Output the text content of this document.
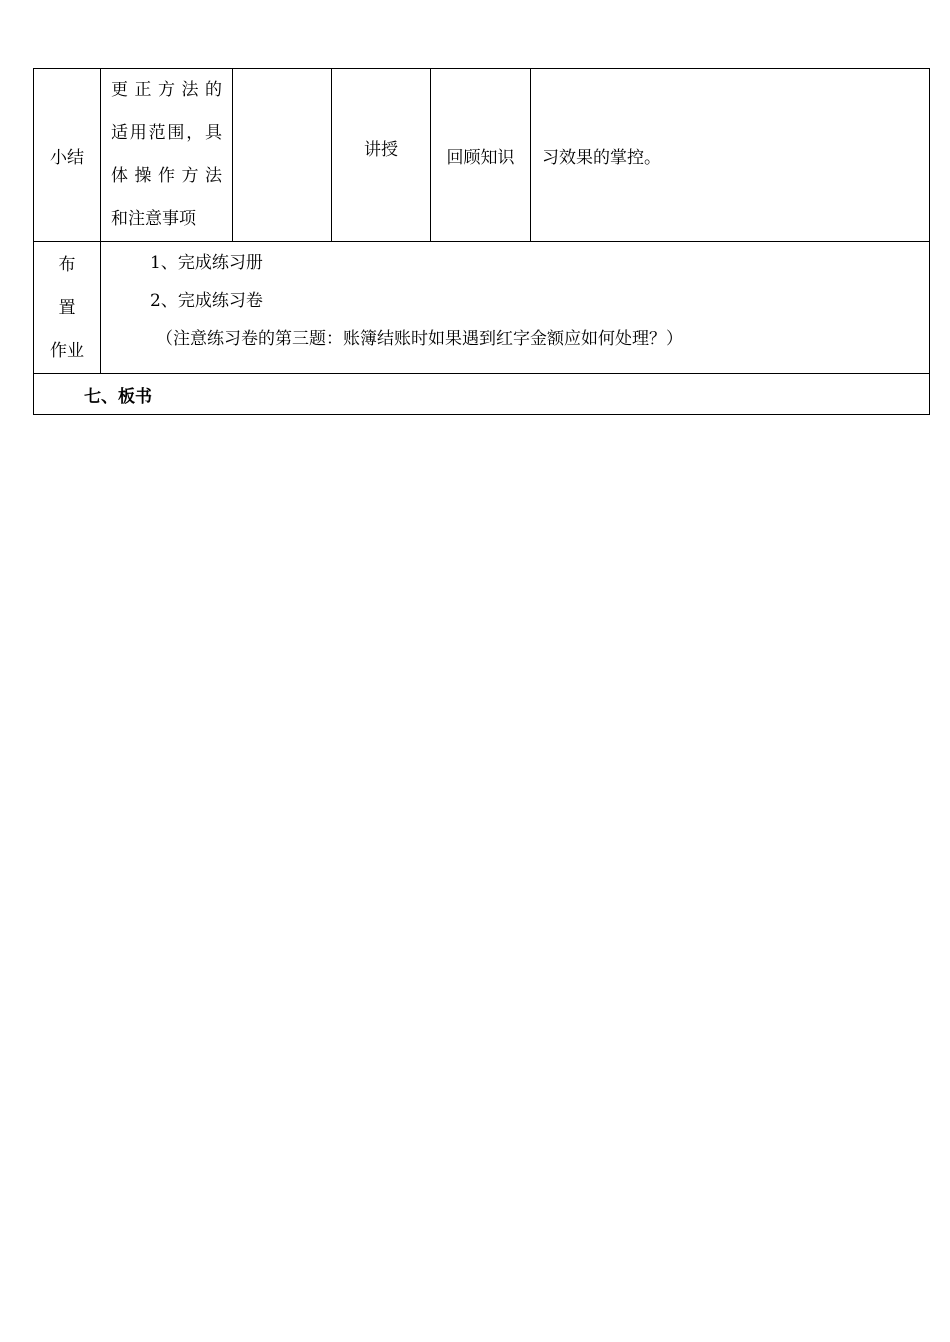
小结	更正方法的
适用范围，具
体操作方法
和注意事项		讲授	回顾知识	习效果的掌控。

布置
作业	1、完成练习册
2、完成练习卷
（注意练习卷的第三题：账簿结账时如果遇到红字金额应如何处理？）				

七、板书					
